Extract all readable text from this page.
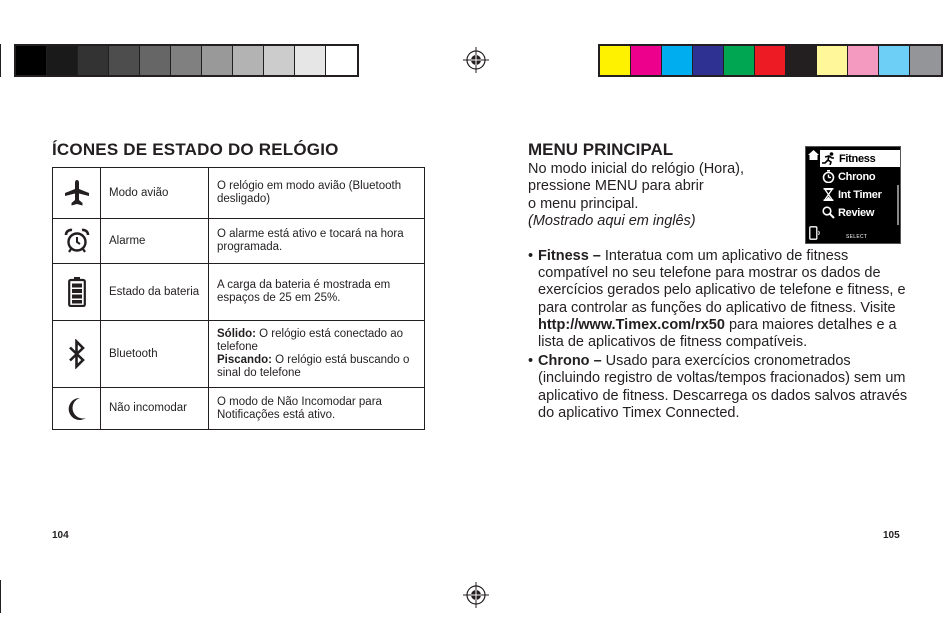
ÍCONES DE ESTADO DO RELÓGIO
	Modo avião	O relógio em modo avião (Bluetooth desligado)

	Alarme	O alarme está ativo e tocará na hora programada.

	Estado da bateria	A carga da bateria é mostrada em espaços de 25 em 25%.

	Bluetooth	Sólido: O relógio está conectado ao telefone
Piscando: O relógio está buscando o sinal do telefone

	Não incomodar	O modo de Não Incomodar para Notificações está ativo.
104
MENU PRINCIPAL
No modo inicial do relógio (Hora),
pressione MENU para abrir
o menu principal.
(Mostrado aqui em inglês)
Fitness
Chrono
Int Timer
Review
SELECT
• Fitness – Interatua com um aplicativo de fitness compatível no seu telefone para mostrar os dados de exercícios gerados pelo aplicativo de telefone e fitness, e para controlar as funções do aplicativo de fitness. Visite http://www.Timex.com/rx50 para maiores detalhes e a lista de aplicativos de fitness compatíveis.
• Chrono – Usado para exercícios cronometrados (incluindo registro de voltas/tempos fracionados) sem um aplicativo de fitness. Descarrega os dados salvos através do aplicativo Timex Connected.
105
